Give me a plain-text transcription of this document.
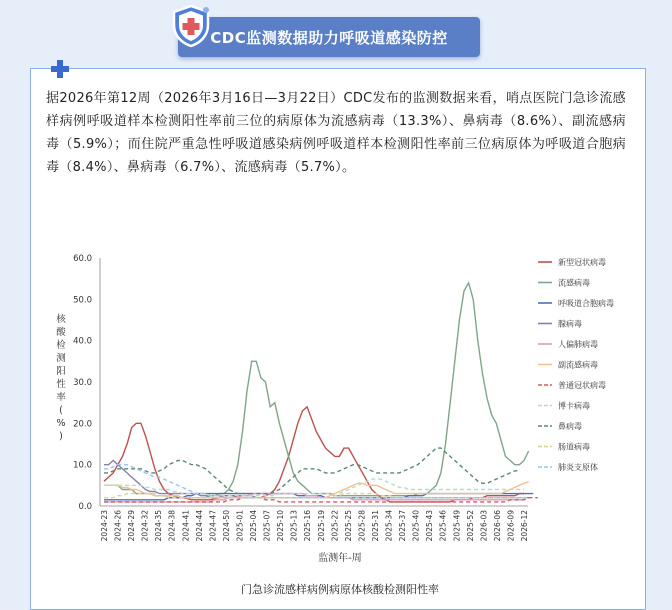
CDC监测数据助力呼吸道感染防控
据2026年第12周（2026年3月16日—3月22日）CDC发布的监测数据来看，哨点医院门急诊流感样病例呼吸道样本检测阳性率前三位的病原体为流感病毒（13.3%）、鼻病毒（8.6%）、副流感病毒（5.9%）；而住院严重急性呼吸道感染病例呼吸道样本检测阳性率前三位病原体为呼吸道合胞病毒（8.4%）、鼻病毒（6.7%）、流感病毒（5.7%）。
0.0
10.0
20.0
30.0
40.0
50.0
60.0
核
酸
检
测
阳
性
率
(
%
)
2024-23 2024-26 2024-29 2024-32 2024-35 2024-38 2024-41 2024-44 2024-47 2024-50 2025-01 2025-04 2025-07 2025-10 2025-13 2025-16 2025-19 2025-22 2025-25 2025-28 2025-31 2025-34 2025-37 2025-40 2025-43 2025-46 2025-49 2025-52 2026-03 2026-06 2026-09 2026-12
监测年-周
新型冠状病毒
流感病毒
呼吸道合胞病毒
腺病毒
人偏肺病毒
副流感病毒
普通冠状病毒
博卡病毒
鼻病毒
肠道病毒
肺炎支原体
门急诊流感样病例病原体核酸检测阳性率
